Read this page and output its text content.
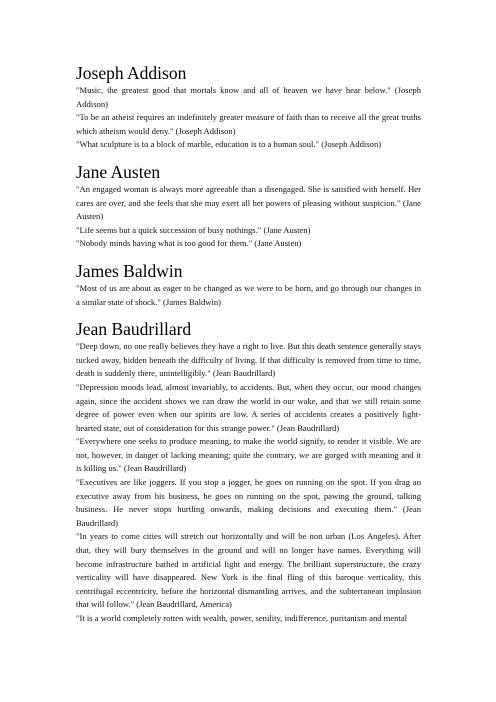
Joseph Addison

"Music, the greatest good that mortals know and all of heaven we have hear below." (Joseph Addison)

"To be an atheist requires an indefinitely greater measure of faith than to receive all the great truths which atheism would deny." (Joseph Addison)

"What sculpture is to a block of marble, education is to a human soul." (Joseph Addison)

Jane Austen

"An engaged woman is always more agreeable than a disengaged. She is satisfied with herself. Her cares are over, and she feels that she may exert all her powers of pleasing without suspicion." (Jane Austen)

"Life seems but a quick succession of busy nothings." (Jane Austen)

"Nobody minds having what is too good for them." (Jane Austen)

James Baldwin

"Most of us are about as eager to be changed as we were to be born, and go through our changes in a similar state of shock." (James Baldwin)

Jean Baudrillard

"Deep down, no one really believes they have a right to live. But this death sentence generally stays tucked away, hidden beneath the difficulty of living. If that difficulty is removed from time to time, death is suddenly there, unintelligibly." (Jean Baudrillard)

"Depression moods lead, almost invariably, to accidents. But, when they occur, our mood changes again, since the accident shows we can draw the world in our wake, and that we still retain some degree of power even when our spirits are low. A series of accidents creates a positively light-hearted state, out of consideration for this strange power." (Jean Baudrillard)

"Everywhere one seeks to produce meaning, to make the world signify, to render it visible. We are not, however, in danger of lacking meaning; quite the contrary, we are gorged with meaning and it is killing us." (Jean Baudrillard)

"Executives are like joggers. If you stop a jogger, he goes on running on the spot. If you drag an executive away from his business, he goes on running on the spot, pawing the ground, talking business. He never stops hurtling onwards, making decisions and executing them." (Jean Baudrillard)

"In years to come cities will stretch out horizontally and will be non urban (Los Angeles). After that, they will bury themselves in the ground and will no longer have names. Everything will become infrastructure bathed in artificial light and energy. The brilliant superstructure, the crazy verticality will have disappeared. New York is the final fling of this baroque verticality, this centrifugal eccentricity, before the horizontal dismantling arrives, and the subterranean implosion that will follow." (Jean Baudrillard, America)

"It is a world completely rotten with wealth, power, senility, indifference, puritanism and mental
